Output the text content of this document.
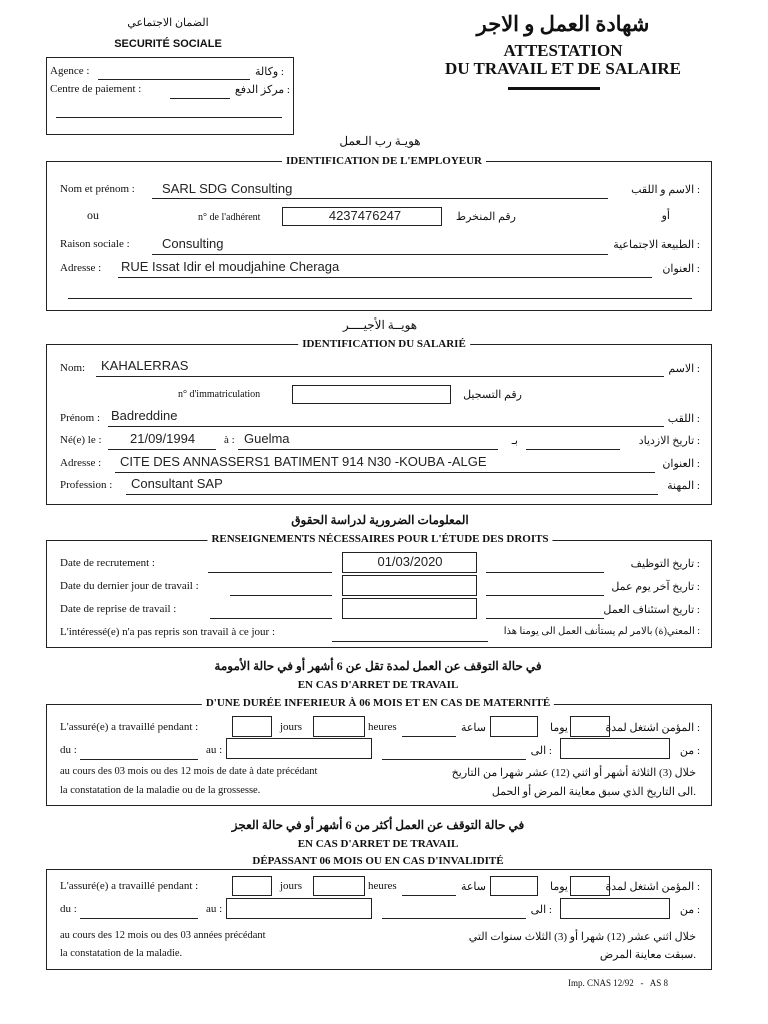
الضمان الاجتماعي
SECURITÉ SOCIALE
Agence :	: وكالة
Centre de paiement :	: مركز الدفع
شهادة العمل و الاجر
ATTESTATION
DU TRAVAIL ET DE SALAIRE
هويـة رب الـعمل
IDENTIFICATION DE L'EMPLOYEUR
Nom et prénom : SARL SDG Consulting	: الاسم و اللقب
ou	n° de l'adhérent	4237476247	رقم المنخرط	أو
Raison sociale : Consulting	: الطبيعة الاجتماعية
Adresse : RUE Issat Idir el moudjahine Cheraga	: العنوان
هويــة الأجيــــر
IDENTIFICATION DU SALARIÉ
Nom: KAHALERRAS	: الاسم
n° d'immatriculation	رقم التسجيل
Prénom : Badreddine	: اللقب
Né(e) le : 21/09/1994	à : Guelma	بـ	: تاريخ الازدياد
Adresse : CITE DES ANNASSERS1 BATIMENT 914 N30 -KOUBA -ALGE	: العنوان
Profession : Consultant SAP	: المهنة
المعلومات الضرورية لدراسة الحقوق
RENSEIGNEMENTS NÉCESSAIRES POUR L'ÉTUDE DES DROITS
Date de recrutement :	01/03/2020	: تاريخ التوظيف
Date du dernier jour de travail :	: تاريخ آخر يوم عمل
Date de reprise de travail :	: تاريخ استئناف العمل
L'intéressé(e) n'a pas repris son travail à ce jour :	: المعني(ة) بالامر لم يستأنف العمل الى يومنا هذا
في حالة التوقف عن العمل لمدة تقل عن 6 أشهر أو في حالة الأمومة
EN CAS D'ARRET DE TRAVAIL
D'UNE DURÉE INFERIEUR À 06 MOIS ET EN CAS DE MATERNITÉ
L'assuré(e) a travaillé pendant :	jours	heures	ساعة	يوما	: المؤمن اشتغل لمدة
du :	au :	: الى	: من
au cours des 03 mois ou des 12 mois de date à date précédant
la constatation de la maladie ou de la grossesse.
خلال (3) الثلاثة أشهر أو اثني (12) عشر شهرا من التاريخ
.الى التاريخ الذي سبق معاينة المرض أو الحمل
في حالة التوقف عن العمل أكثر من 6 أشهر أو في حالة العجز
EN CAS D'ARRET DE TRAVAIL
DÉPASSANT 06 MOIS OU EN CAS D'INVALIDITÉ
L'assuré(e) a travaillé pendant :	jours	heures	ساعة	يوما	: المؤمن اشتغل لمدة
du :	au :	: الى	: من
au cours des 12 mois ou des 03 années précédant
la constatation de la maladie.
خلال اثني عشر (12) شهرا أو (3) الثلاث سنوات التي
.سبقت معاينة المرض
Imp. CNAS 12/92   -   AS 8
